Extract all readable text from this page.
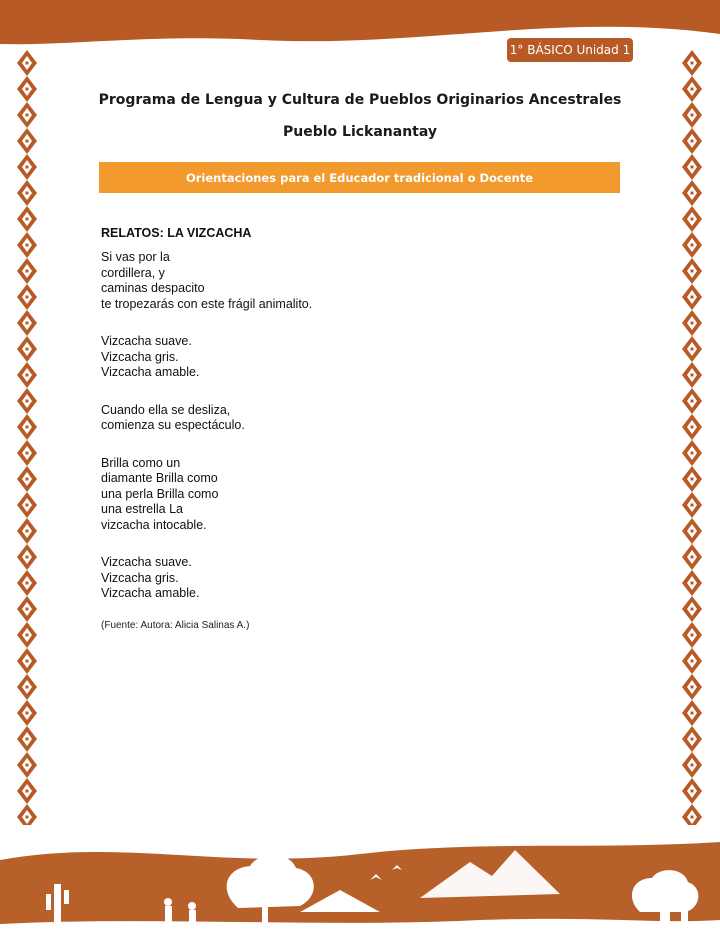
1° BÁSICO Unidad 1
Programa de Lengua y Cultura de Pueblos Originarios Ancestrales
Pueblo Lickanantay
Orientaciones para el Educador tradicional o Docente
RELATOS: LA VIZCACHA
Si vas por la
cordillera, y
caminas despacito
te tropezarás con este frágil animalito.
Vizcacha suave.
Vizcacha gris.
Vizcacha amable.
Cuando ella se desliza,
comienza su espectáculo.
Brilla como un
diamante Brilla como
una perla Brilla como
una estrella La
vizcacha intocable.
Vizcacha suave.
Vizcacha gris.
Vizcacha amable.
(Fuente: Autora: Alicia Salinas A.)
